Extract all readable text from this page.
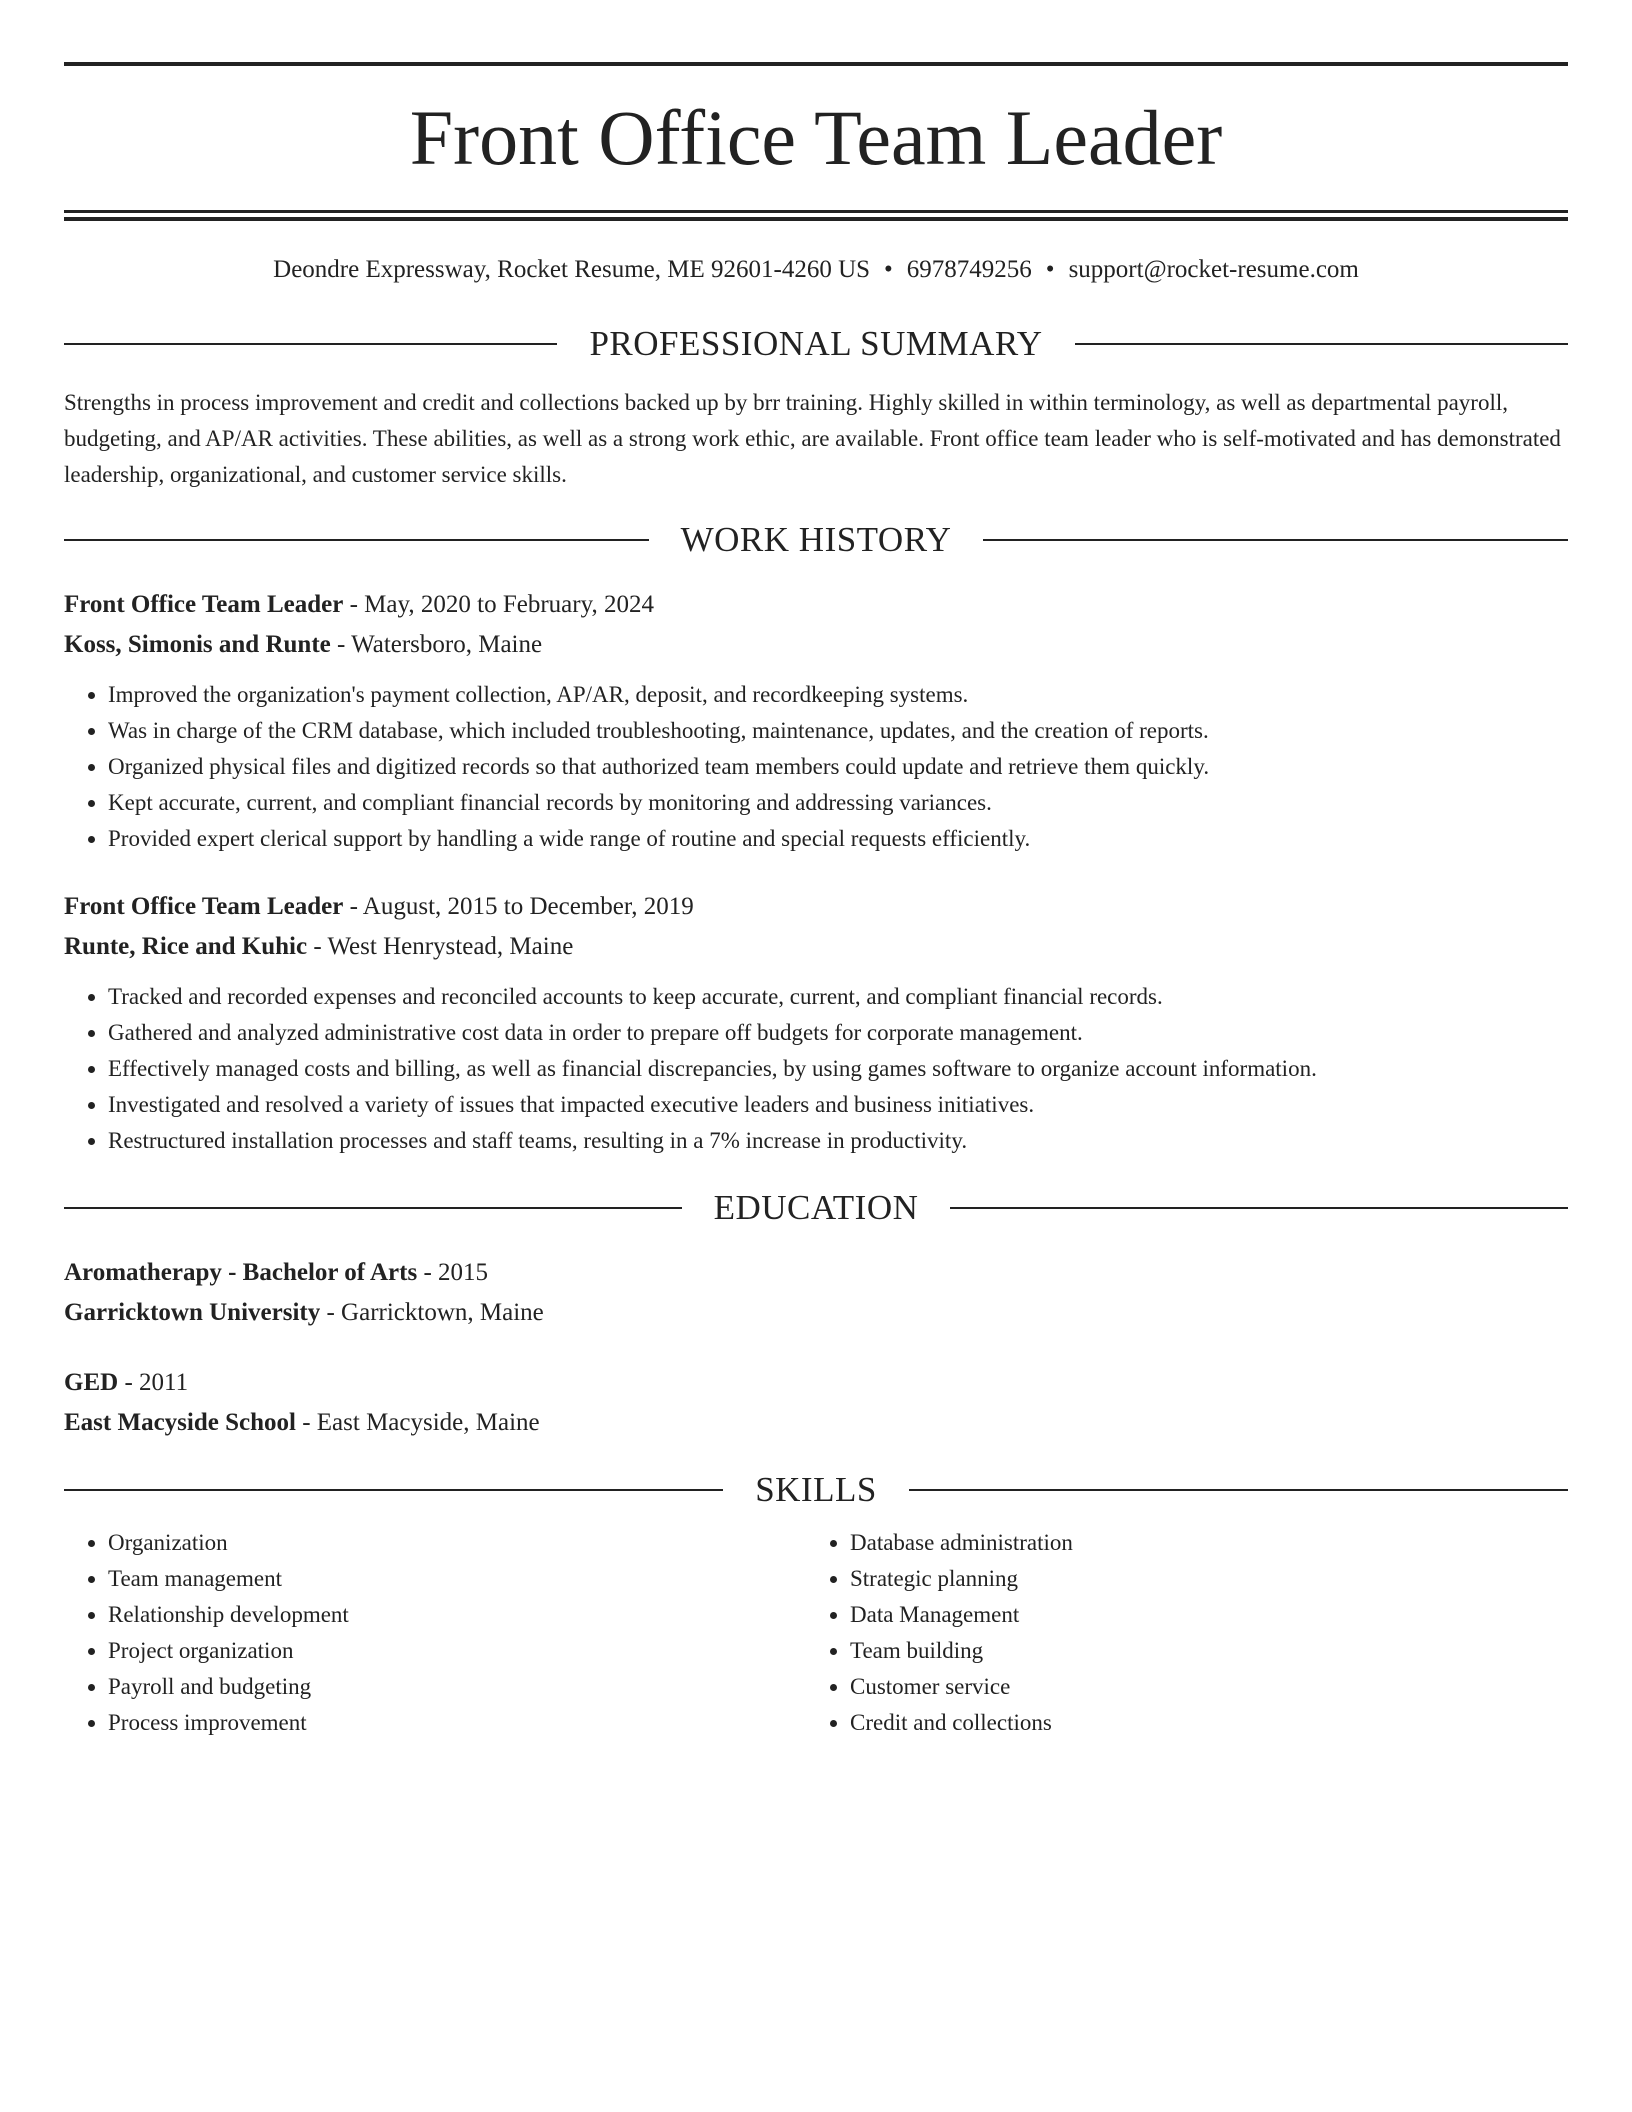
Front Office Team Leader
Deondre Expressway, Rocket Resume, ME 92601-4260 US • 6978749256 • support@rocket-resume.com
PROFESSIONAL SUMMARY
Strengths in process improvement and credit and collections backed up by brr training. Highly skilled in within terminology, as well as departmental payroll, budgeting, and AP/AR activities. These abilities, as well as a strong work ethic, are available. Front office team leader who is self-motivated and has demonstrated leadership, organizational, and customer service skills.
WORK HISTORY
Front Office Team Leader - May, 2020 to February, 2024
Koss, Simonis and Runte - Watersboro, Maine
• Improved the organization's payment collection, AP/AR, deposit, and recordkeeping systems.
• Was in charge of the CRM database, which included troubleshooting, maintenance, updates, and the creation of reports.
• Organized physical files and digitized records so that authorized team members could update and retrieve them quickly.
• Kept accurate, current, and compliant financial records by monitoring and addressing variances.
• Provided expert clerical support by handling a wide range of routine and special requests efficiently.
Front Office Team Leader - August, 2015 to December, 2019
Runte, Rice and Kuhic - West Henrystead, Maine
• Tracked and recorded expenses and reconciled accounts to keep accurate, current, and compliant financial records.
• Gathered and analyzed administrative cost data in order to prepare off budgets for corporate management.
• Effectively managed costs and billing, as well as financial discrepancies, by using games software to organize account information.
• Investigated and resolved a variety of issues that impacted executive leaders and business initiatives.
• Restructured installation processes and staff teams, resulting in a 7% increase in productivity.
EDUCATION
Aromatherapy - Bachelor of Arts - 2015
Garricktown University - Garricktown, Maine
GED - 2011
East Macyside School - East Macyside, Maine
SKILLS
• Organization
• Team management
• Relationship development
• Project organization
• Payroll and budgeting
• Process improvement
• Database administration
• Strategic planning
• Data Management
• Team building
• Customer service
• Credit and collections
